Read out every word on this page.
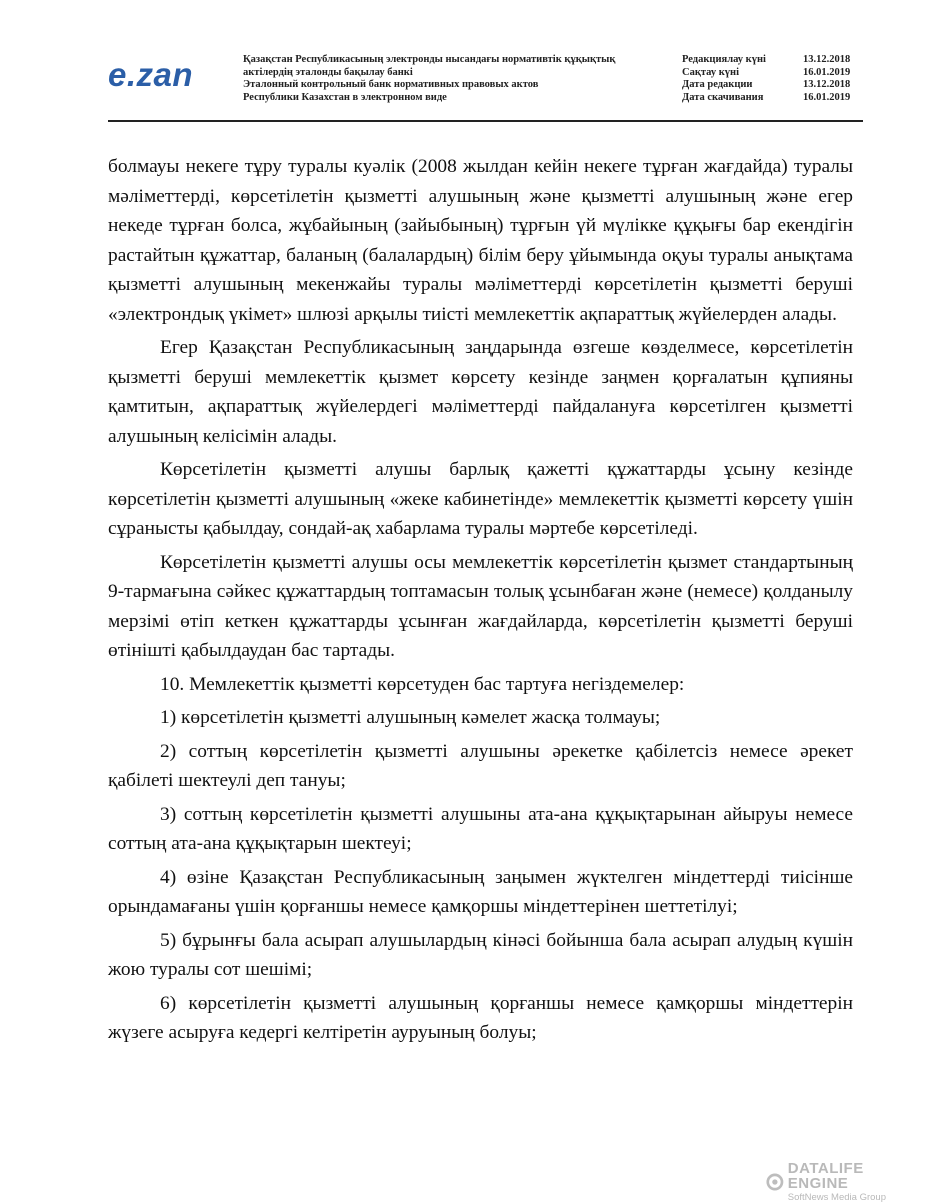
e.zan	Қазақстан Республикасының электронды нысандағы нормативтік құқықтық
актілердің эталонды бақылау банкі
Эталонный контрольный банк нормативных правовых актов
Республики Казахстан в электронном виде
Редакциялау күні	13.12.2018
Сақтау күні	16.01.2019
Дата редакции	13.12.2018
Дата скачивания	16.01.2019

болмауы некеге тұру туралы куәлік (2008 жылдан кейін некеге тұрған жағдайда) туралы мәліметтерді, көрсетілетін қызметті алушының және қызметті алушының және егер некеде тұрған болса, жұбайының (зайыбының) тұрғын үй мүлікке құқығы бар екендігін растайтын құжаттар, баланың (балалардың) білім беру ұйымында оқуы туралы анықтама қызметті алушының мекенжайы туралы мәліметтерді көрсетілетін қызметті беруші «электрондық үкімет» шлюзі арқылы тиісті мемлекеттік ақпараттық жүйелерден алады.

Егер Қазақстан Республикасының заңдарында өзгеше көзделмесе, көрсетілетін қызметті беруші мемлекеттік қызмет көрсету кезінде заңмен қорғалатын құпияны қамтитын, ақпараттық жүйелердегі мәліметтерді пайдалануға көрсетілген қызметті алушының келісімін алады.

Көрсетілетін қызметті алушы барлық қажетті құжаттарды ұсыну кезінде көрсетілетін қызметті алушының «жеке кабинетінде» мемлекеттік қызметті көрсету үшін сұранысты қабылдау, сондай-ақ хабарлама туралы мәртебе көрсетіледі.

Көрсетілетін қызметті алушы осы мемлекеттік көрсетілетін қызмет стандартының 9-тармағына сәйкес құжаттардың топтамасын толық ұсынбаған және (немесе) қолданылу мерзімі өтіп кеткен құжаттарды ұсынған жағдайларда, көрсетілетін қызметті беруші өтінішті қабылдаудан бас тартады.

10. Мемлекеттік қызметті көрсетуден бас тартуға негіздемелер:

1) көрсетілетін қызметті алушының кәмелет жасқа толмауы;

2) соттың көрсетілетін қызметті алушыны әрекетке қабілетсіз немесе әрекет қабілеті шектеулі деп тануы;

3) соттың көрсетілетін қызметті алушыны ата-ана құқықтарынан айыруы немесе соттың ата-ана құқықтарын шектеуі;

4) өзіне Қазақстан Республикасының заңымен жүктелген міндеттерді тиісінше орындамағаны үшін қорғаншы немесе қамқоршы міндеттерінен шеттетілуі;

5) бұрынғы бала асырап алушылардың кінәсі бойынша бала асырап алудың күшін жою туралы сот шешімі;

6) көрсетілетін қызметті алушының қорғаншы немесе қамқоршы міндеттерін жүзеге асыруға кедергі келтіретін ауруының болуы;

DATALIFE ENGINE
SoftNews Media Group
